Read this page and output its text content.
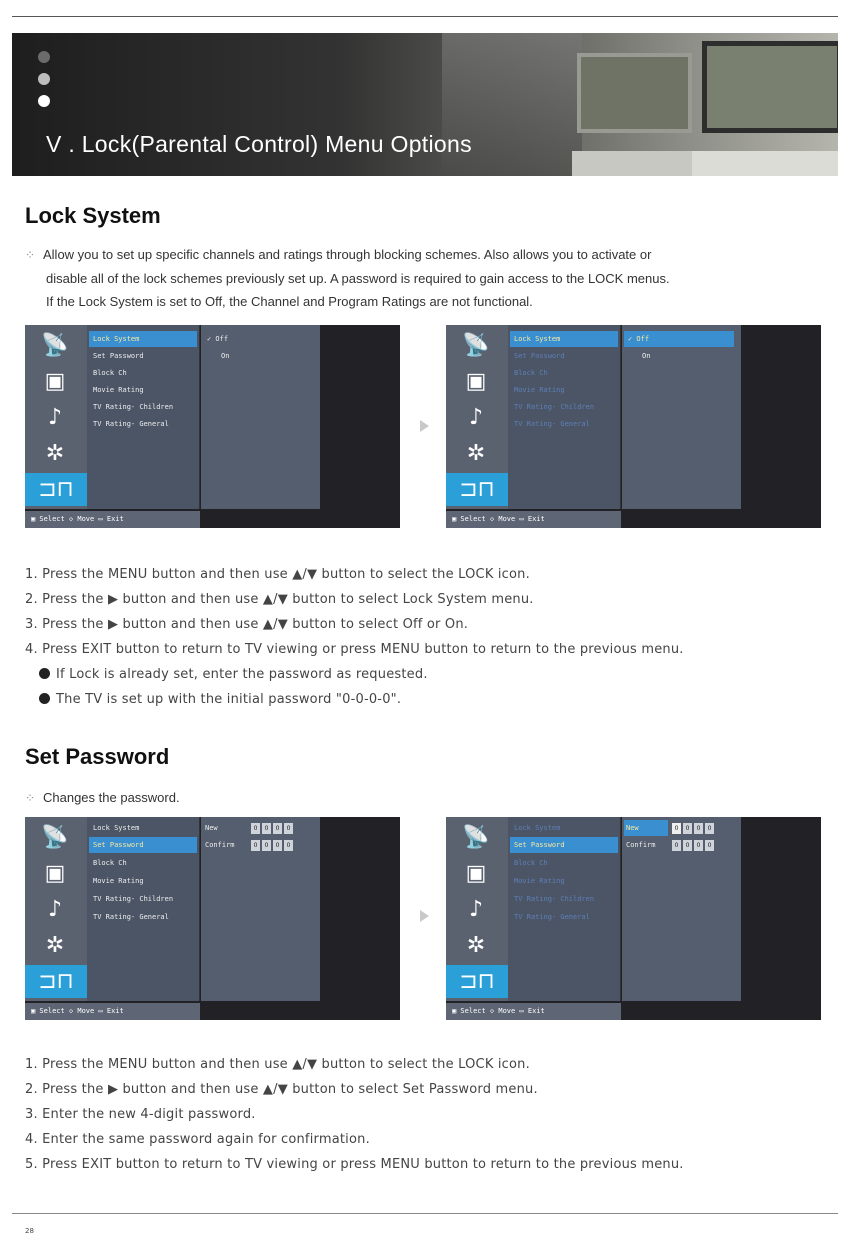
V . Lock(Parental Control) Menu Options
Lock System
⁘ Allow you to set up specific channels and ratings through blocking schemes. Also allows you to activate or
disable all of the lock schemes previously set up. A password is required to gain access to the LOCK menus.
If the Lock System is set to Off, the Channel and Program Ratings are not functional.
📡
▣
♪
✲
⊐⊓
Lock System
Set Password
Block Ch
Movie Rating
TV Rating- Children
TV Rating- General
✓ Off
On
▣ Select ◇ Move ▭ Exit
📡
▣
♪
✲
⊐⊓
Lock System
Set Password
Block Ch
Movie Rating
TV Rating- Children
TV Rating- General
✓ Off
On
▣ Select ◇ Move ▭ Exit
1. Press the MENU button and then use ▲/▼ button to select the LOCK icon.
2. Press the ▶ button and then use ▲/▼ button to select Lock System menu.
3. Press the ▶ button and then use ▲/▼ button to select Off or On.
4. Press EXIT button to return to TV viewing or press MENU button to return to the previous menu.
If Lock is already set, enter the password as requested.
The TV is set up with the initial password "0-0-0-0".
Set Password
⁘ Changes the password.
📡
▣
♪
✲
⊐⊓
Lock System
Set Password
Block Ch
Movie Rating
TV Rating- Children
TV Rating- General
New	0	0	0	0
Confirm	0	0	0	0
▣ Select ◇ Move ▭ Exit
📡
▣
♪
✲
⊐⊓
Lock System
Set Password
Block Ch
Movie Rating
TV Rating- Children
TV Rating- General
New	0	0	0	0
Confirm	0	0	0	0
▣ Select ◇ Move ▭ Exit
1. Press the MENU button and then use ▲/▼ button to select the LOCK icon.
2. Press the ▶ button and then use ▲/▼ button to select Set Password menu.
3. Enter the new 4-digit password.
4. Enter the same password again for confirmation.
5. Press EXIT button to return to TV viewing or press MENU button to return to the previous menu.
28
